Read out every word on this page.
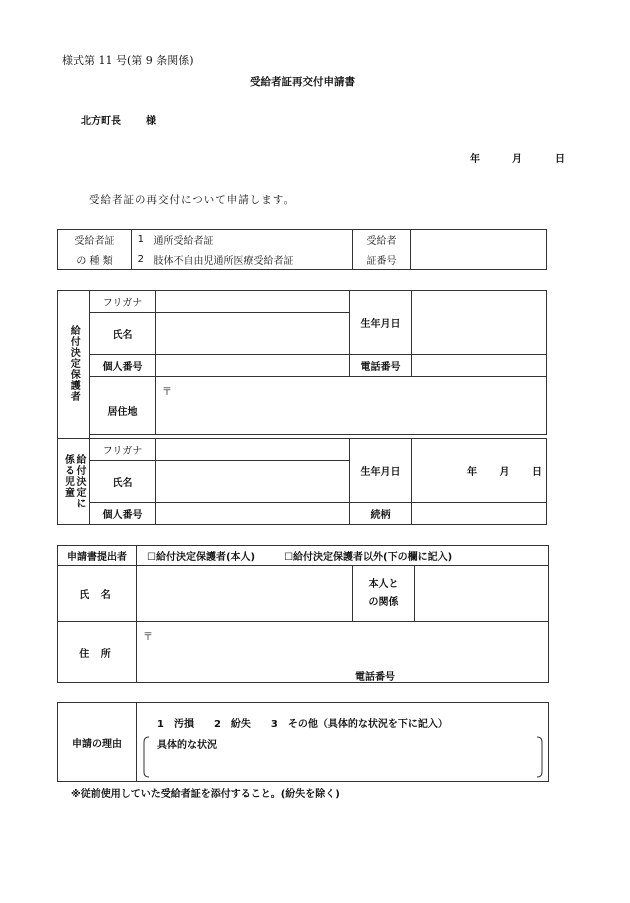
様式第 11 号(第 9 条関係)
受給者証再交付申請書
北方町長	様
年	月	日
受給者証の再交付について申請します。
受給者証	1	通所受給者証	受給者	
の 種 類	2	肢体不自由児通所医療受給者証	証番号	
給付決定保護者	フリガナ		生年月日	
	氏名			
	個人番号		電話番号	
	居住地	〒		

給付決定に
係る児童	フリガナ		生年月日	年 月 日
	氏名			
	個人番号		続柄	
申請書提出者	☐給付決定保護者(本人) ☐給付決定保護者以外(下の欄に記入)		
氏 名		本人と
の関係	
住 所	〒
電話番号		
申請の理由	
1　汚損　　2　紛失　　3　その他（具体的な状況を下に記入）
具体的な状況
※従前使用していた受給者証を添付すること。(紛失を除く)
